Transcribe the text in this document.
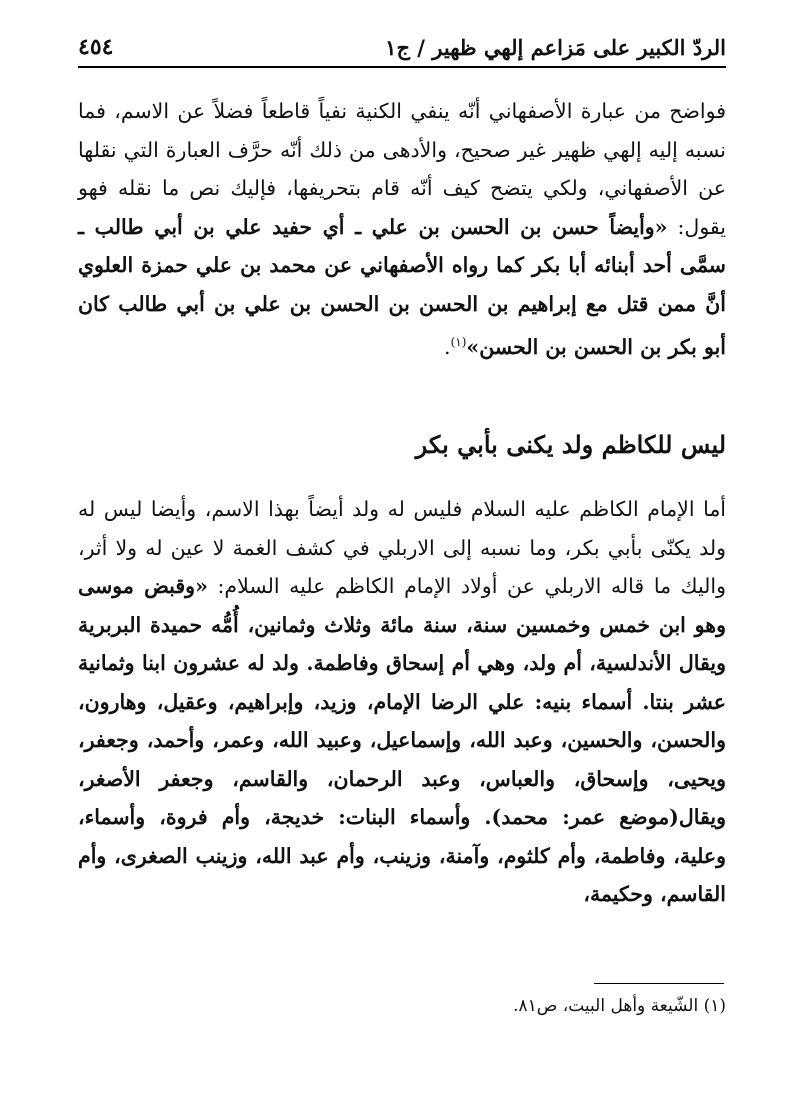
الردّ الكبير على مَزاعم إلهي ظهير / ج١
٤٥٤

فواضح من عبارة الأصفهاني أنّه ينفي الكنية نفياً قاطعاً فضلاً عن الاسم، فما نسبه إليه إلهي ظهير غير صحيح، والأدهى من ذلك أنّه حرَّف العبارة التي نقلها عن الأصفهاني، ولكي يتضح كيف أنّه قام بتحريفها، فإليك نص ما نقله فهو يقول: «وأيضاً حسن بن الحسن بن علي ـ أي حفيد علي بن أبي طالب ـ سمَّى أحد أبنائه أبا بكر كما رواه الأصفهاني عن محمد بن علي حمزة العلوي أنَّ ممن قتل مع إبراهيم بن الحسن بن الحسن بن علي بن أبي طالب كان أبو بكر بن الحسن بن الحسن»$^{(١)}$.

ليس للكاظم ولد يكنى بأبي بكر

أما الإمام الكاظم عليه السلام فليس له ولد أيضاً بهذا الاسم، وأيضا ليس له ولد يكنّى بأبي بكر، وما نسبه إلى الاربلي في كشف الغمة لا عين له ولا أثر، واليك ما قاله الاربلي عن أولاد الإمام الكاظم عليه السلام: «وقبض موسى وهو ابن خمس وخمسين سنة، سنة مائة وثلاث وثمانين، أُمُّه حميدة البربرية ويقال الأندلسية، أم ولد، وهي أم إسحاق وفاطمة. ولد له عشرون ابنا وثمانية عشر بنتا. أسماء بنيه: علي الرضا الإمام، وزيد، وإبراهيم، وعقيل، وهارون، والحسن، والحسين، وعبد الله، وإسماعيل، وعبيد الله، وعمر، وأحمد، وجعفر، ويحيى، وإسحاق، والعباس، وعبد الرحمان، والقاسم، وجعفر الأصغر، ويقال(موضع عمر: محمد). وأسماء البنات: خديجة، وأم فروة، وأسماء، وعلية، وفاطمة، وأم كلثوم، وآمنة، وزينب، وأم عبد الله، وزينب الصغرى، وأم القاسم، وحكيمة،

(١) الشّيعة وأهل البيت، ص٨١.
